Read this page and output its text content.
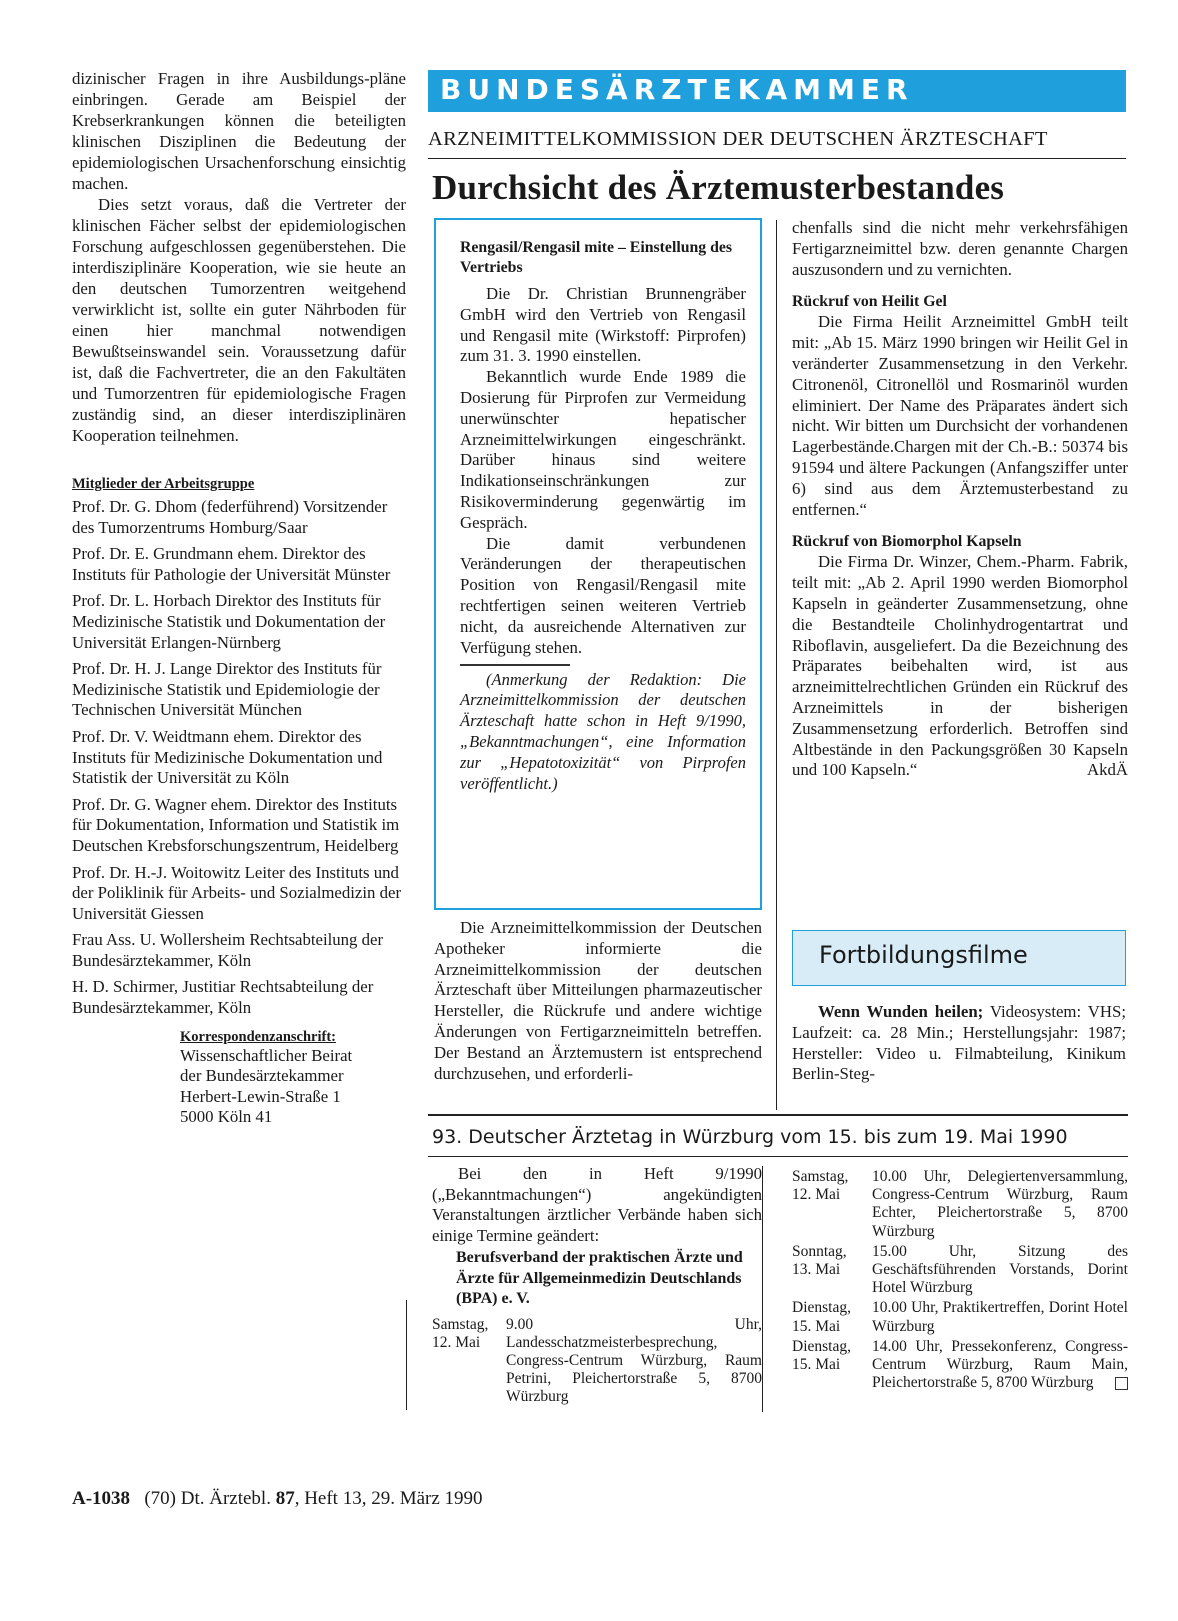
dizinischer Fragen in ihre Ausbildungs-pläne einbringen. Gerade am Beispiel der Krebserkrankungen können die beteiligten klinischen Disziplinen die Bedeutung der epidemiologischen Ursachenforschung einsichtig machen.

Dies setzt voraus, daß die Vertreter der klinischen Fächer selbst der epidemiologischen Forschung aufgeschlossen gegenüberstehen. Die interdisziplinäre Kooperation, wie sie heute an den deutschen Tumorzentren weitgehend verwirklicht ist, sollte ein guter Nährboden für einen hier manchmal notwendigen Bewußtseinswandel sein. Voraussetzung dafür ist, daß die Fachvertreter, die an den Fakultäten und Tumorzentren für epidemiologische Fragen zuständig sind, an dieser interdisziplinären Kooperation teilnehmen.

Mitglieder der Arbeitsgruppe
Prof. Dr. G. Dhom (federführend) Vorsitzender des Tumorzentrums Homburg/Saar
Prof. Dr. E. Grundmann ehem. Direktor des Instituts für Pathologie der Universität Münster
Prof. Dr. L. Horbach Direktor des Instituts für Medizinische Statistik und Dokumentation der Universität Erlangen-Nürnberg
Prof. Dr. H. J. Lange Direktor des Instituts für Medizinische Statistik und Epidemiologie der Technischen Universität München
Prof. Dr. V. Weidtmann ehem. Direktor des Instituts für Medizinische Dokumentation und Statistik der Universität zu Köln
Prof. Dr. G. Wagner ehem. Direktor des Instituts für Dokumentation, Information und Statistik im Deutschen Krebsforschungszentrum, Heidelberg
Prof. Dr. H.-J. Woitowitz Leiter des Instituts und der Poliklinik für Arbeits- und Sozialmedizin der Universität Giessen
Frau Ass. U. Wollersheim Rechtsabteilung der Bundesärztekammer, Köln
H. D. Schirmer, Justitiar Rechtsabteilung der Bundesärztekammer, Köln
Korrespondenzanschrift:
Wissenschaftlicher Beirat
der Bundesärztekammer
Herbert-Lewin-Straße 1
5000 Köln 41
BUNDESÄRZTEKAMMER
ARZNEIMITTELKOMMISSION DER DEUTSCHEN ÄRZTESCHAFT
Durchsicht des Ärztemusterbestandes
Rengasil/Rengasil mite – Einstellung des Vertriebs

Die Dr. Christian Brunnengräber GmbH wird den Vertrieb von Rengasil und Rengasil mite (Wirkstoff: Pirprofen) zum 31. 3. 1990 einstellen.

Bekanntlich wurde Ende 1989 die Dosierung für Pirprofen zur Vermeidung unerwünschter hepatischer Arzneimittelwirkungen eingeschränkt. Darüber hinaus sind weitere Indikationseinschränkungen zur Risikoverminderung gegenwärtig im Gespräch.

Die damit verbundenen Veränderungen der therapeutischen Position von Rengasil/Rengasil mite rechtfertigen seinen weiteren Vertrieb nicht, da ausreichende Alternativen zur Verfügung stehen.

(Anmerkung der Redaktion: Die Arzneimittelkommission der deutschen Ärzteschaft hatte schon in Heft 9/1990, „Bekanntmachungen“, eine Information zur „Hepatotoxizität“ von Pirprofen veröffentlicht.)

Die Arzneimittelkommission der Deutschen Apotheker informierte die Arzneimittelkommission der deutschen Ärzteschaft über Mitteilungen pharmazeutischer Hersteller, die Rückrufe und andere wichtige Änderungen von Fertigarzneimitteln betreffen. Der Bestand an Ärztemustern ist entsprechend durchzusehen, und erforderli-

chenfalls sind die nicht mehr verkehrsfähigen Fertigarzneimittel bzw. deren genannte Chargen auszusondern und zu vernichten.

Rückruf von Heilit Gel

Die Firma Heilit Arzneimittel GmbH teilt mit: „Ab 15. März 1990 bringen wir Heilit Gel in veränderter Zusammensetzung in den Verkehr. Citronenöl, Citronellöl und Rosmarinöl wurden eliminiert. Der Name des Präparates ändert sich nicht. Wir bitten um Durchsicht der vorhandenen Lagerbestände.Chargen mit der Ch.-B.: 50374 bis 91594 und ältere Packungen (Anfangsziffer unter 6) sind aus dem Ärztemusterbestand zu entfernen.“

Rückruf von Biomorphol Kapseln

Die Firma Dr. Winzer, Chem.-Pharm. Fabrik, teilt mit: „Ab 2. April 1990 werden Biomorphol Kapseln in geänderter Zusammensetzung, ohne die Bestandteile Cholinhydrogentartrat und Riboflavin, ausgeliefert. Da die Bezeichnung des Präparates beibehalten wird, ist aus arzneimittelrechtlichen Gründen ein Rückruf des Arzneimittels in der bisherigen Zusammensetzung erforderlich. Betroffen sind Altbestände in den Packungsgrößen 30 Kapseln und 100 Kapseln.“	AkdÄ
Fortbildungsfilme

Wenn Wunden heilen; Videosystem: VHS; Laufzeit: ca. 28 Min.; Herstellungsjahr: 1987; Hersteller: Video u. Filmabteilung, Kinikum Berlin-Steg-

93. Deutscher Ärztetag in Würzburg vom 15. bis zum 19. Mai 1990

Bei den in Heft 9/1990 („Bekanntmachungen“) angekündigten Veranstaltungen ärztlicher Verbände haben sich einige Termine geändert:

Berufsverband der praktischen Ärzte und Ärzte für Allgemeinmedizin Deutschlands (BPA) e. V.
Samstag,
12. Mai
9.00 Uhr, Landesschatzmeisterbesprechung, Congress-Centrum Würzburg, Raum Petrini, Pleichertorstraße 5, 8700 Würzburg
Samstag,
12. Mai
10.00 Uhr, Delegiertenversammlung, Congress-Centrum Würzburg, Raum Echter, Pleichertorstraße 5, 8700 Würzburg
Sonntag,
13. Mai
15.00 Uhr, Sitzung des Geschäftsführenden Vorstands, Dorint Hotel Würzburg
Dienstag,
15. Mai
10.00 Uhr, Praktikertreffen, Dorint Hotel Würzburg
Dienstag,
15. Mai
14.00 Uhr, Pressekonferenz, Congress-Centrum Würzburg, Raum Main, Pleichertorstraße 5, 8700 Würzburg
A-1038 (70) Dt. Ärztebl. 87, Heft 13, 29. März 1990
